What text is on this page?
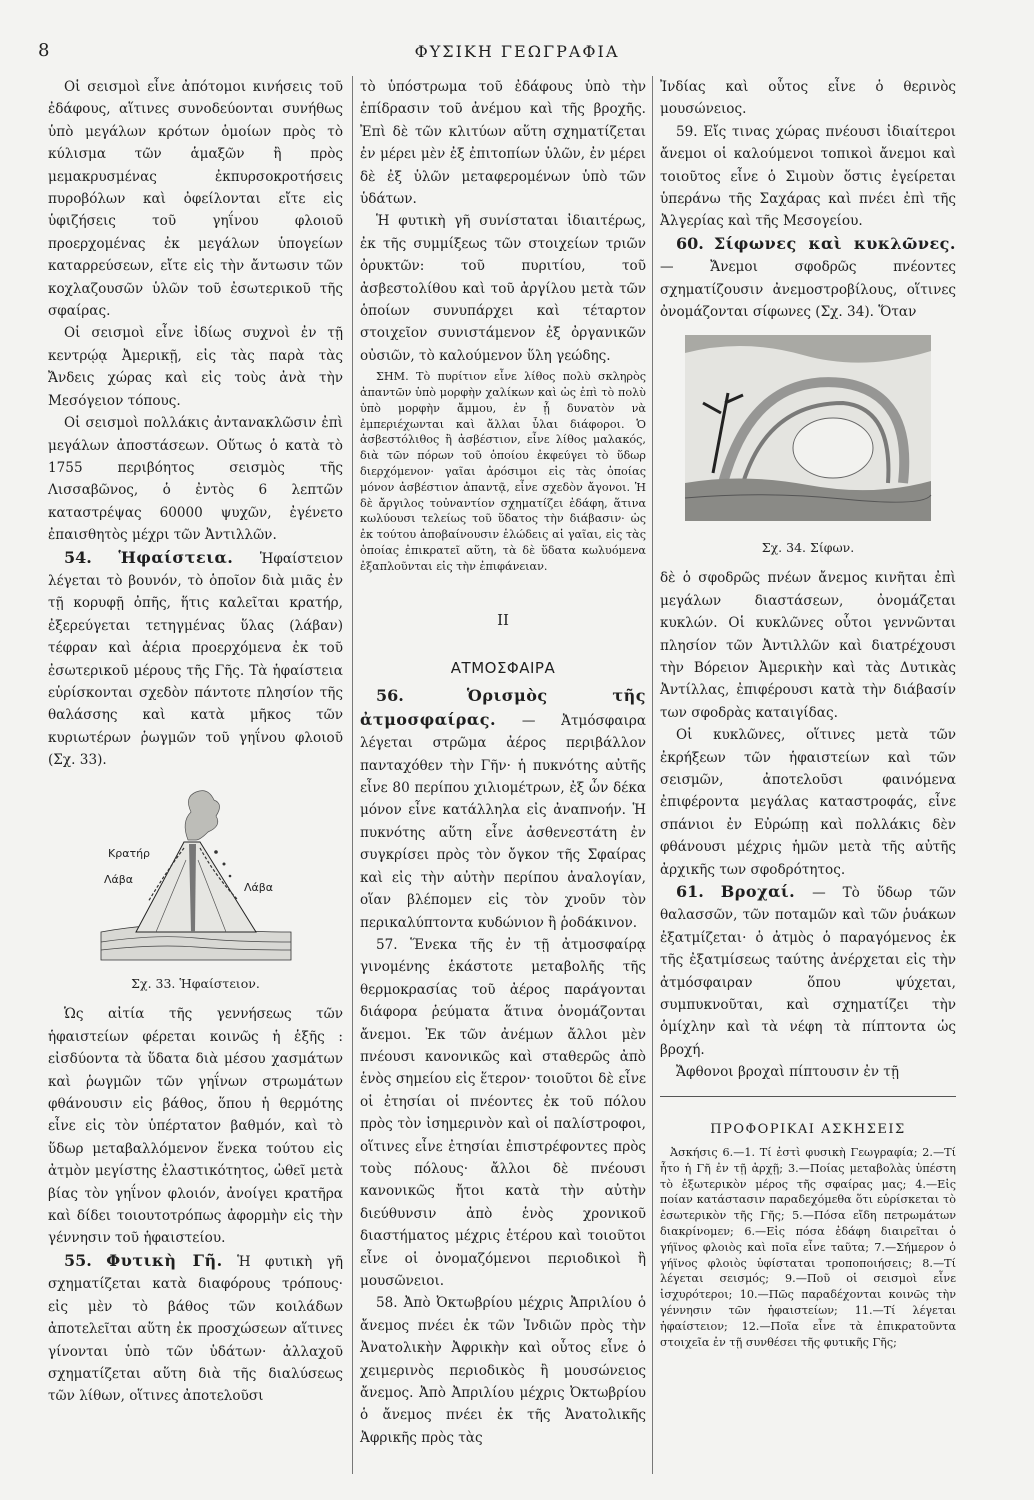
8	ΦΥΣΙΚΗ ΓΕΩΓΡΑΦΙΑ

Οἱ σεισμοὶ εἶνε ἀπότομοι κινήσεις τοῦ ἐδάφους, αἵτινες συνοδεύονται συνήθως ὑπὸ μεγάλων κρότων ὁμοίων πρὸς τὸ κύλισμα τῶν ἁμαξῶν ἢ πρὸς μεμακρυσμένας ἐκπυρσοκροτήσεις πυροβόλων καὶ ὀφείλονται εἴτε εἰς ὑφιζήσεις τοῦ γηΐνου φλοιοῦ προερχομένας ἐκ μεγάλων ὑπογείων καταρρεύσεων, εἴτε εἰς τὴν ἄντωσιν τῶν κοχλαζουσῶν ὑλῶν τοῦ ἐσωτερικοῦ τῆς σφαίρας.

Οἱ σεισμοὶ εἶνε ἰδίως συχνοὶ ἐν τῇ κεντρῴᾳ Ἀμερικῇ, εἰς τὰς παρὰ τὰς Ἄνδεις χώρας καὶ εἰς τοὺς ἀνὰ τὴν Μεσόγειον τόπους.

Οἱ σεισμοὶ πολλάκις ἀντανακλῶσιν ἐπὶ μεγάλων ἀποστάσεων. Οὕτως ὁ κατὰ τὸ 1755 περιβόητος σεισμὸς τῆς Λισσαβῶνος, ὁ ἐντὸς 6 λεπτῶν καταστρέψας 60000 ψυχῶν, ἐγένετο ἐπαισθητὸς μέχρι τῶν Ἀντιλλῶν.

54. Ἡφαίστεια. Ἡφαίστειον λέγεται τὸ βουνόν, τὸ ὁποῖον διὰ μιᾶς ἐν τῇ κορυφῇ ὀπῆς, ἥτις καλεῖται κρατήρ, ἐξερεύγεται τετηγμένας ὕλας (λάβαν) τέφραν καὶ ἀέρια προερχόμενα ἐκ τοῦ ἐσωτερικοῦ μέρους τῆς Γῆς. Τὰ ἡφαίστεια εὑρίσκονται σχεδὸν πάντοτε πλησίον τῆς θαλάσσης καὶ κατὰ μῆκος τῶν κυριωτέρων ῥωγμῶν τοῦ γηΐνου φλοιοῦ (Σχ. 33).

Κρατήρ
Λάβα
Λάβα
Σχ. 33. Ἡφαίστειον.

Ὡς αἰτία τῆς γεννήσεως τῶν ἡφαιστείων φέρεται κοινῶς ἡ ἑξῆς : εἰσδύοντα τὰ ὕδατα διὰ μέσου χασμάτων καὶ ῥωγμῶν τῶν γηΐνων στρωμάτων φθάνουσιν εἰς βάθος, ὅπου ἡ θερμότης εἶνε εἰς τὸν ὑπέρτατον βαθμόν, καὶ τὸ ὕδωρ μεταβαλλόμενον ἕνεκα τούτου εἰς ἀτμὸν μεγίστης ἐλαστικότητος, ὠθεῖ μετὰ βίας τὸν γηΐνον φλοιόν, ἀνοίγει κρατῆρα καὶ δίδει τοιουτοτρόπως ἀφορμὴν εἰς τὴν γέννησιν τοῦ ἡφαιστείου.

55. Φυτικὴ Γῆ. Ἡ φυτικὴ γῆ σχηματίζεται κατὰ διαφόρους τρόπους· εἰς μὲν τὸ βάθος τῶν κοιλάδων ἀποτελεῖται αὕτη ἐκ προσχώσεων αἵτινες γίνονται ὑπὸ τῶν ὑδάτων· ἀλλαχοῦ σχηματίζεται αὕτη διὰ τῆς διαλύσεως τῶν λίθων, οἵτινες ἀποτελοῦσι

τὸ ὑπόστρωμα τοῦ ἐδάφους ὑπὸ τὴν ἐπίδρασιν τοῦ ἀνέμου καὶ τῆς βροχῆς. Ἐπὶ δὲ τῶν κλιτύων αὕτη σχηματίζεται ἐν μέρει μὲν ἐξ ἐπιτοπίων ὑλῶν, ἐν μέρει δὲ ἐξ ὑλῶν μεταφερομένων ὑπὸ τῶν ὑδάτων.

Ἡ φυτικὴ γῆ συνίσταται ἰδιαιτέρως, ἐκ τῆς συμμίξεως τῶν στοιχείων τριῶν ὀρυκτῶν: τοῦ πυριτίου, τοῦ ἀσβεστολίθου καὶ τοῦ ἀργίλου μετὰ τῶν ὁποίων συνυπάρχει καὶ τέταρτον στοιχεῖον συνιστάμενον ἐξ ὀργανικῶν οὐσιῶν, τὸ καλούμενον ὕλη γεώδης.

ΣΗΜ. Τὸ πυρίτιον εἶνε λίθος πολὺ σκληρὸς ἀπαντῶν ὑπὸ μορφὴν χαλίκων καὶ ὡς ἐπὶ τὸ πολὺ ὑπὸ μορφὴν ἄμμου, ἐν ᾗ δυνατὸν νὰ ἐμπεριέχωνται καὶ ἄλλαι ὗλαι διάφοροι. Ὁ ἀσβεστόλιθος ἢ ἀσβέστιον, εἶνε λίθος μαλακός, διὰ τῶν πόρων τοῦ ὁποίου ἐκφεύγει τὸ ὕδωρ διερχόμενον· γαῖαι ἀρόσιμοι εἰς τὰς ὁποίας μόνον ἀσβέστιον ἀπαντᾷ, εἶνε σχεδὸν ἄγονοι. Ἡ δὲ ἄργιλος τοὐναντίον σχηματίζει ἐδάφη, ἅτινα κωλύουσι τελείως τοῦ ὕδατος τὴν διάβασιν· ὡς ἐκ τούτου ἀποβαίνουσιν ἑλώδεις αἱ γαῖαι, εἰς τὰς ὁποίας ἐπικρατεῖ αὕτη, τὰ δὲ ὕδατα κωλυόμενα ἐξαπλοῦνται εἰς τὴν ἐπιφάνειαν.

II

ΑΤΜΟΣΦΑΙΡΑ

56.	Ὁρισμὸς τῆς ἀτμοσφαίρας. — Ἀτμόσφαιρα λέγεται στρῶμα ἀέρος περιβάλλον πανταχόθεν τὴν Γῆν· ἡ πυκνότης αὐτῆς εἶνε 80 περίπου χιλιομέτρων, ἐξ ὧν δέκα μόνον εἶνε κατάλληλα εἰς ἀναπνοήν. Ἡ πυκνότης αὕτη εἶνε ἀσθενεστάτη ἐν συγκρίσει πρὸς τὸν ὄγκον τῆς Σφαίρας καὶ εἰς τὴν αὐτὴν περίπου ἀναλογίαν, οἵαν βλέπομεν εἰς τὸν χνοῦν τὸν περικαλύπτοντα κυδώνιον ἢ ῥοδάκινον.

57. Ἕνεκα τῆς ἐν τῇ ἀτμοσφαίρᾳ γινομένης ἑκάστοτε μεταβολῆς τῆς θερμοκρασίας τοῦ ἀέρος παράγονται διάφορα ῥεύματα ἅτινα ὀνομάζονται ἄνεμοι. Ἐκ τῶν ἀνέμων ἄλλοι μὲν πνέουσι κανονικῶς καὶ σταθερῶς ἀπὸ ἑνὸς σημείου εἰς ἕτερον· τοιοῦτοι δὲ εἶνε οἱ ἐτησίαι οἱ πνέοντες ἐκ τοῦ πόλου πρὸς τὸν ἰσημερινὸν καὶ οἱ παλίστροφοι, οἵτινες εἶνε ἐτησίαι ἐπιστρέφοντες πρὸς τοὺς πόλους· ἄλλοι δὲ πνέουσι κανονικῶς ἤτοι κατὰ τὴν αὐτὴν διεύθυνσιν ἀπὸ ἑνὸς χρονικοῦ διαστήματος μέχρις ἑτέρου καὶ τοιοῦτοι εἶνε οἱ ὀνομαζόμενοι περιοδικοὶ ἢ μουσῶνειοι.

58. Ἀπὸ Ὀκτωβρίου μέχρις Ἀπριλίου ὁ ἄνεμος πνέει ἐκ τῶν Ἰνδιῶν πρὸς τὴν Ἀνατολικὴν Ἀφρικὴν καὶ οὗτος εἶνε ὁ χειμερινὸς περιοδικὸς ἢ μουσώνειος ἄνεμος. Ἀπὸ Ἀπριλίου μέχρις Ὀκτωβρίου ὁ ἄνεμος πνέει ἐκ τῆς Ἀνατολικῆς Ἀφρικῆς πρὸς τὰς

Ἰνδίας καὶ οὗτος εἶνε ὁ θερινὸς μουσώνειος.

59. Εἴς τινας χώρας πνέουσι ἰδιαίτεροι ἄνεμοι οἱ καλούμενοι τοπικοὶ ἄνεμοι καὶ τοιοῦτος εἶνε ὁ Σιμοὺν ὅστις ἐγείρεται ὑπεράνω τῆς Σαχάρας καὶ πνέει ἐπὶ τῆς Ἀλγερίας καὶ τῆς Μεσογείου.

60. Σίφωνες καὶ κυκλῶνες. — Ἄνεμοι σφοδρῶς πνέοντες σχηματίζουσιν ἀνεμοστροβίλους, οἵτινες ὀνομάζονται σίφωνες (Σχ. 34). Ὅταν

Σχ. 34. Σίφων.

δὲ ὁ σφοδρῶς πνέων ἄνεμος κινῆται ἐπὶ μεγάλων διαστάσεων, ὀνομάζεται κυκλών. Οἱ κυκλῶνες οὗτοι γεννῶνται πλησίον τῶν Ἀντιλλῶν καὶ διατρέχουσι τὴν Βόρειον Ἀμερικὴν καὶ τὰς Δυτικὰς Ἀντίλλας, ἐπιφέρουσι κατὰ τὴν διάβασίν των σφοδρὰς καταιγίδας.

Οἱ κυκλῶνες, οἵτινες μετὰ τῶν ἐκρήξεων τῶν ἡφαιστείων καὶ τῶν σεισμῶν, ἀποτελοῦσι φαινόμενα ἐπιφέροντα μεγάλας καταστροφάς, εἶνε σπάνιοι ἐν Εὐρώπῃ καὶ πολλάκις δὲν φθάνουσι μέχρις ἡμῶν μετὰ τῆς αὐτῆς ἀρχικῆς των σφοδρότητος.

61. Βροχαί. — Τὸ ὕδωρ τῶν θαλασσῶν, τῶν ποταμῶν καὶ τῶν ῥυάκων ἐξατμίζεται· ὁ ἀτμὸς ὁ παραγόμενος ἐκ τῆς ἐξατμίσεως ταύτης ἀνέρχεται εἰς τὴν ἀτμόσφαιραν ὅπου ψύχεται, συμπυκνοῦται, καὶ σχηματίζει τὴν ὁμίχλην καὶ τὰ νέφη τὰ πίπτοντα ὡς βροχή.

Ἄφθονοι βροχαὶ πίπτουσιν ἐν τῇ

ΠΡΟΦΟΡΙΚΑΙ ΑΣΚΗΣΕΙΣ

Ἀσκήσις 6.—1. Τί ἐστὶ φυσικὴ Γεωγραφία; 2.—Τί ἦτο ἡ Γῆ ἐν τῇ ἀρχῇ; 3.—Ποίας μεταβολὰς ὑπέστη τὸ ἐξωτερικὸν μέρος τῆς σφαίρας μας; 4.—Εἰς ποίαν κατάστασιν παραδεχόμεθα ὅτι εὑρίσκεται τὸ ἐσωτερικὸν τῆς Γῆς; 5.—Πόσα εἴδη πετρωμάτων διακρίνομεν; 6.—Εἰς πόσα ἐδάφη διαιρεῖται ὁ γήϊνος φλοιὸς καὶ ποῖα εἶνε ταῦτα; 7.—Σήμερον ὁ γήϊνος φλοιὸς ὑφίσταται τροποποιήσεις; 8.—Τί λέγεται σεισμός; 9.—Ποῦ οἱ σεισμοὶ εἶνε ἰσχυρότεροι; 10.—Πῶς παραδέχονται κοινῶς τὴν γέννησιν τῶν ἡφαιστείων; 11.—Τί λέγεται ἡφαίστειον; 12.—Ποῖα εἶνε τὰ ἐπικρατοῦντα στοιχεῖα ἐν τῇ συνθέσει τῆς φυτικῆς Γῆς;
